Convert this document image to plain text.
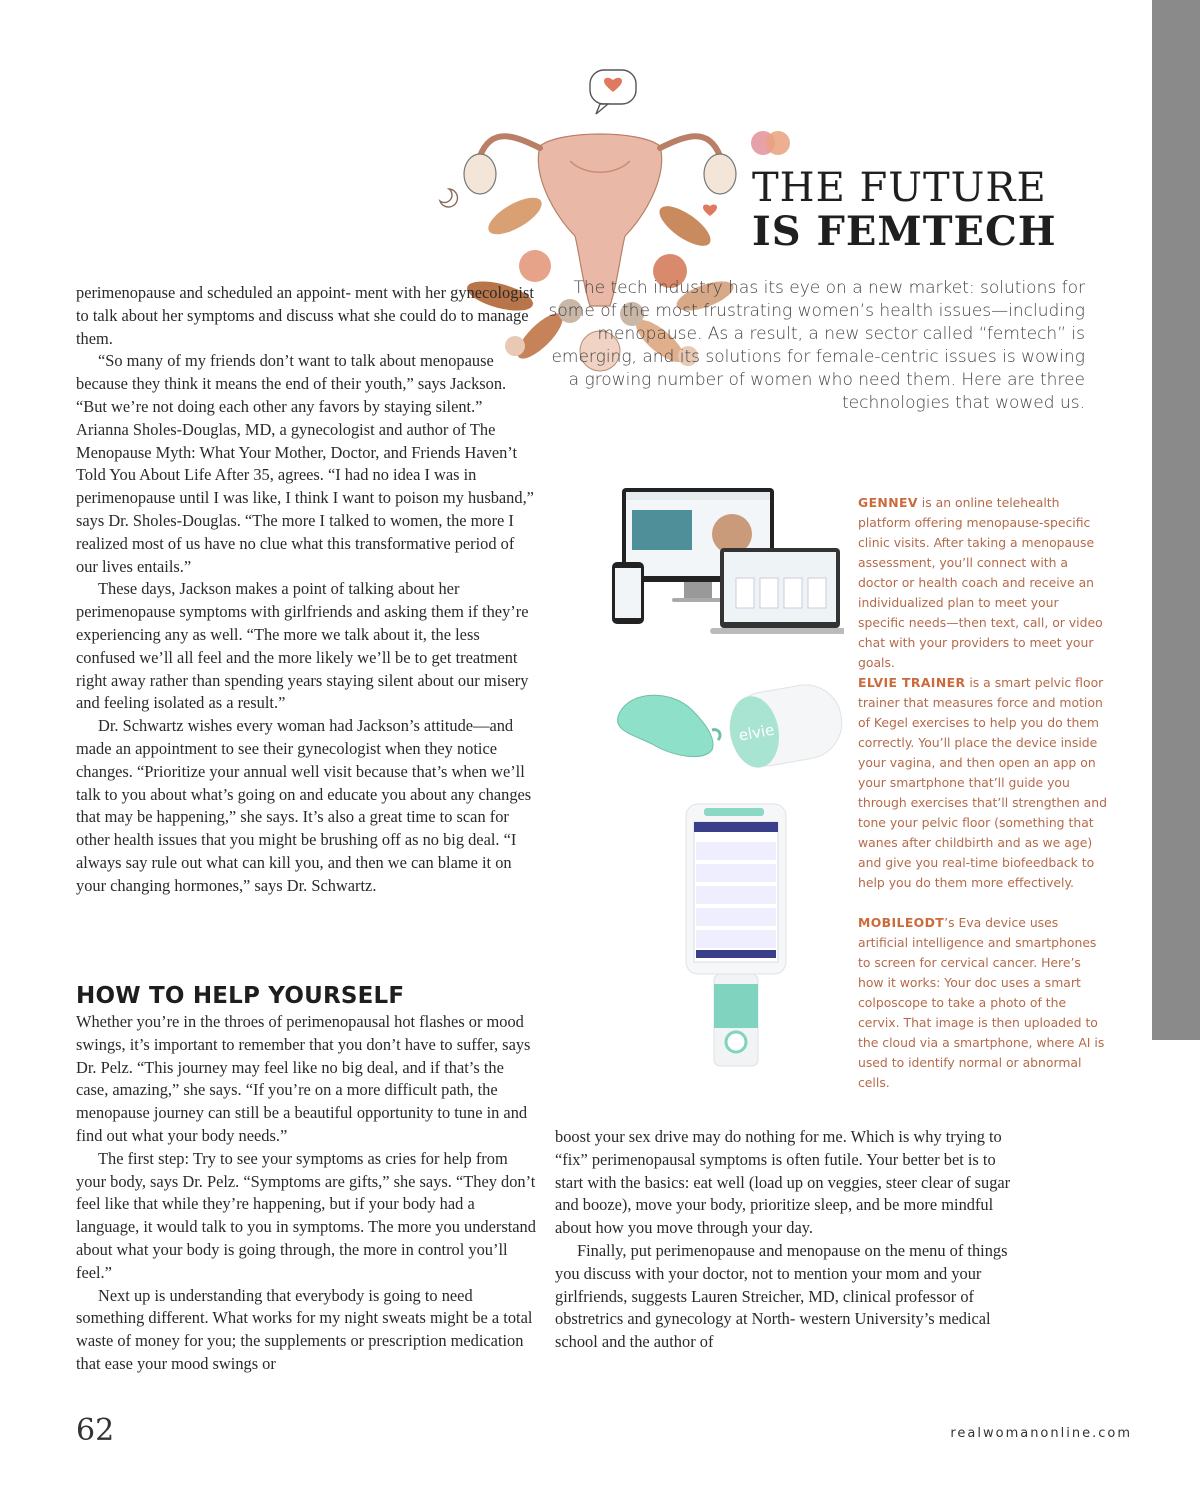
THE FUTURE
IS FEMTECH
The tech industry has its eye on a new market: solutions for some of the most frustrating women’s health issues—including menopause. As a result, a new sector called “femtech” is emerging, and its solutions for female-centric issues is wowing a growing number of women who need them. Here are three technologies that wowed us.

perimenopause and scheduled an appoint- ment with her gynecologist to talk about her symptoms and discuss what she could do to manage them.

“So many of my friends don’t want to talk about menopause because they think it means the end of their youth,” says Jackson. “But we’re not doing each other any favors by staying silent.” Arianna Sholes-Douglas, MD, a gynecologist and author of The Menopause Myth: What Your Mother, Doctor, and Friends Haven’t Told You About Life After 35, agrees. “I had no idea I was in perimenopause until I was like, I think I want to poison my husband,” says Dr. Sholes-Douglas. “The more I talked to women, the more I realized most of us have no clue what this transformative period of our lives entails.”

These days, Jackson makes a point of talking about her perimenopause symptoms with girlfriends and asking them if they’re experiencing any as well. “The more we talk about it, the less confused we’ll all feel and the more likely we’ll be to get treatment right away rather than spending years staying silent about our misery and feeling isolated as a result.”

Dr. Schwartz wishes every woman had Jackson’s attitude—and made an appointment to see their gynecologist when they notice changes. “Prioritize your annual well visit because that’s when we’ll talk to you about what’s going on and educate you about any changes that may be happening,” she says. It’s also a great time to scan for other health issues that you might be brushing off as no big deal. “I always say rule out what can kill you, and then we can blame it on your changing hormones,” says Dr. Schwartz.

HOW TO HELP YOURSELF

Whether you’re in the throes of perimenopausal hot flashes or mood swings, it’s important to remember that you don’t have to suffer, says Dr. Pelz. “This journey may feel like no big deal, and if that’s the case, amazing,” she says. “If you’re on a more difficult path, the menopause journey can still be a beautiful opportunity to tune in and find out what your body needs.”

The first step: Try to see your symptoms as cries for help from your body, says Dr. Pelz. “Symptoms are gifts,” she says. “They don’t feel like that while they’re happening, but if your body had a language, it would talk to you in symptoms. The more you understand about what your body is going through, the more in control you’ll feel.”

Next up is understanding that everybody is going to need something different. What works for my night sweats might be a total waste of money for you; the supplements or prescription medication that ease your mood swings or

boost your sex drive may do nothing for me. Which is why trying to “fix” perimenopausal symptoms is often futile. Your better bet is to start with the basics: eat well (load up on veggies, steer clear of sugar and booze), move your body, prioritize sleep, and be more mindful about how you move through your day.

Finally, put perimenopause and menopause on the menu of things you discuss with your doctor, not to mention your mom and your girlfriends, suggests Lauren Streicher, MD, clinical professor of obstretrics and gynecology at North- western University’s medical school and the author of

elvie
GENNEV is an online telehealth platform offering menopause-specific clinic visits. After taking a menopause assessment, you’ll connect with a doctor or health coach and receive an individualized plan to meet your specific needs—then text, call, or video chat with your providers to meet your goals.
ELVIE TRAINER is a smart pelvic floor trainer that measures force and motion of Kegel exercises to help you do them correctly. You’ll place the device inside your vagina, and then open an app on your smartphone that’ll guide you through exercises that’ll strengthen and tone your pelvic floor (something that wanes after childbirth and as we age) and give you real-time biofeedback to help you do them more effectively.
MOBILEODT’s Eva device uses artificial intelligence and smartphones to screen for cervical cancer. Here’s how it works: Your doc uses a smart colposcope to take a photo of the cervix. That image is then uploaded to the cloud via a smartphone, where AI is used to identify normal or abnormal cells.
62	realwomanonline.com
